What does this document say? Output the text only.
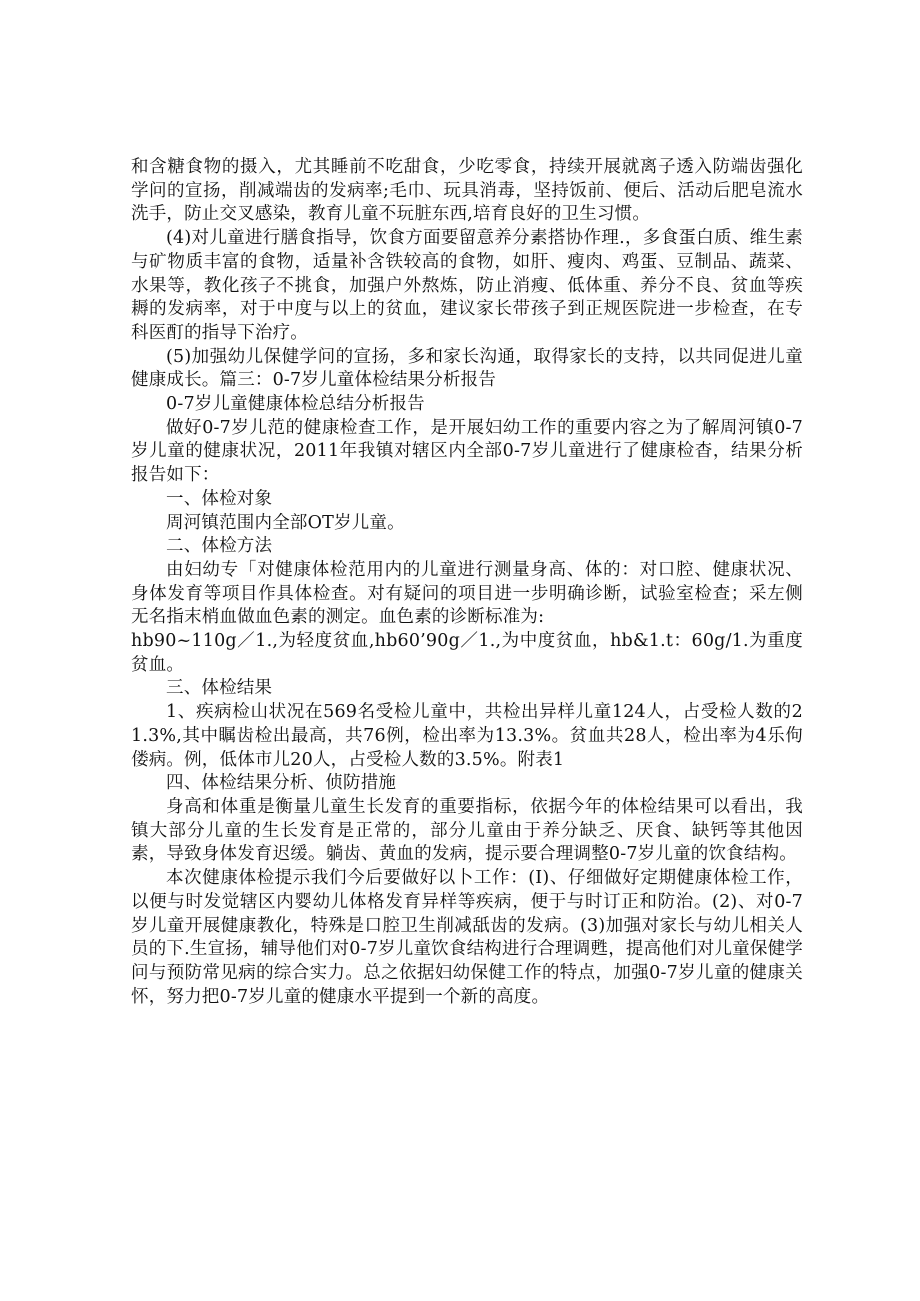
和含糖食物的摄入，尤其睡前不吃甜食，少吃零食，持续开展就离子透入防端齿强化学问的宣扬，削减端齿的发病率;毛巾、玩具消毒，坚持饭前、便后、活动后肥皂流水洗手，防止交叉感染，教育儿童不玩脏东西,培育良好的卫生习惯。

(4)对儿童进行膳食指导，饮食方面要留意养分素搭协作理.，多食蛋白质、维生素与矿物质丰富的食物，适量补含铁较高的食物，如肝、瘦肉、鸡蛋、豆制品、蔬菜、水果等，教化孩子不挑食，加强户外熬炼，防止消瘦、低体重、养分不良、贫血等疾耨的发病率，对于中度与以上的贫血，建议家长带孩子到正规医院进一步检查，在专科医酊的指导下治疗。

(5)加强幼儿保健学问的宣扬，多和家长沟通，取得家长的支持，以共同促进儿童健康成长。篇三：0-7岁儿童体检结果分析报告

0-7岁儿童健康体检总结分析报告

做好0-7岁儿范的健康检查工作，是开展妇幼工作的重要内容之为了解周河镇0-7岁儿童的健康状况，2011年我镇对辖区内全部0-7岁儿童进行了健康检杳，结果分析报告如下：

一、体检对象

周河镇范围内全部OT岁儿童。

二、体检方法

由妇幼专「对健康体检范用内的儿童进行测量身高、体的：对口腔、健康状况、身体发育等项目作具体检查。对有疑问的项目进一步明确诊断，试验室检查；采左侧无名指末梢血做血色素的测定。血色素的诊断标准为:

hb90~110g／1.,为轻度贫血,hb60’90g／1.,为中度贫血，hb&1.t：60g/1.为重度贫血。

三、体检结果

1、疾病检山状况在569名受检儿童中，共检出异样儿童124人，占受检人数的21.3%,其中瞩齿检出最高，共76例，检出率为13.3%。贫血共28人，检出率为4乐佝偻病。例，低体市儿20人，占受检人数的3.5%。附表1

四、体检结果分析、侦防措施

身高和体重是衡量儿童生长发育的重要指标，依据今年的体检结果可以看出，我镇大部分儿童的生长发育是正常的，部分儿童由于养分缺乏、厌食、缺钙等其他因素，导致身体发育迟缓。躺齿、黄血的发病，提示要合理调整0-7岁儿童的饮食结构。

本次健康体检提示我们今后要做好以卜工作：(I)、仔细做好定期健康体检工作，以便与时发觉辖区内婴幼儿体格发育异样等疾病，便于与时订正和防治。(2)、对0-7岁儿童开展健康教化，特殊是口腔卫生削减舐齿的发病。(3)加强对家长与幼儿相关人员的下.生宣扬，辅导他们对0-7岁儿童饮食结构进行合理调甦，提高他们对儿童保健学问与预防常见病的综合实力。总之依据妇幼保健工作的特点，加强0-7岁儿童的健康关怀，努力把0-7岁儿童的健康水平提到一个新的高度。
